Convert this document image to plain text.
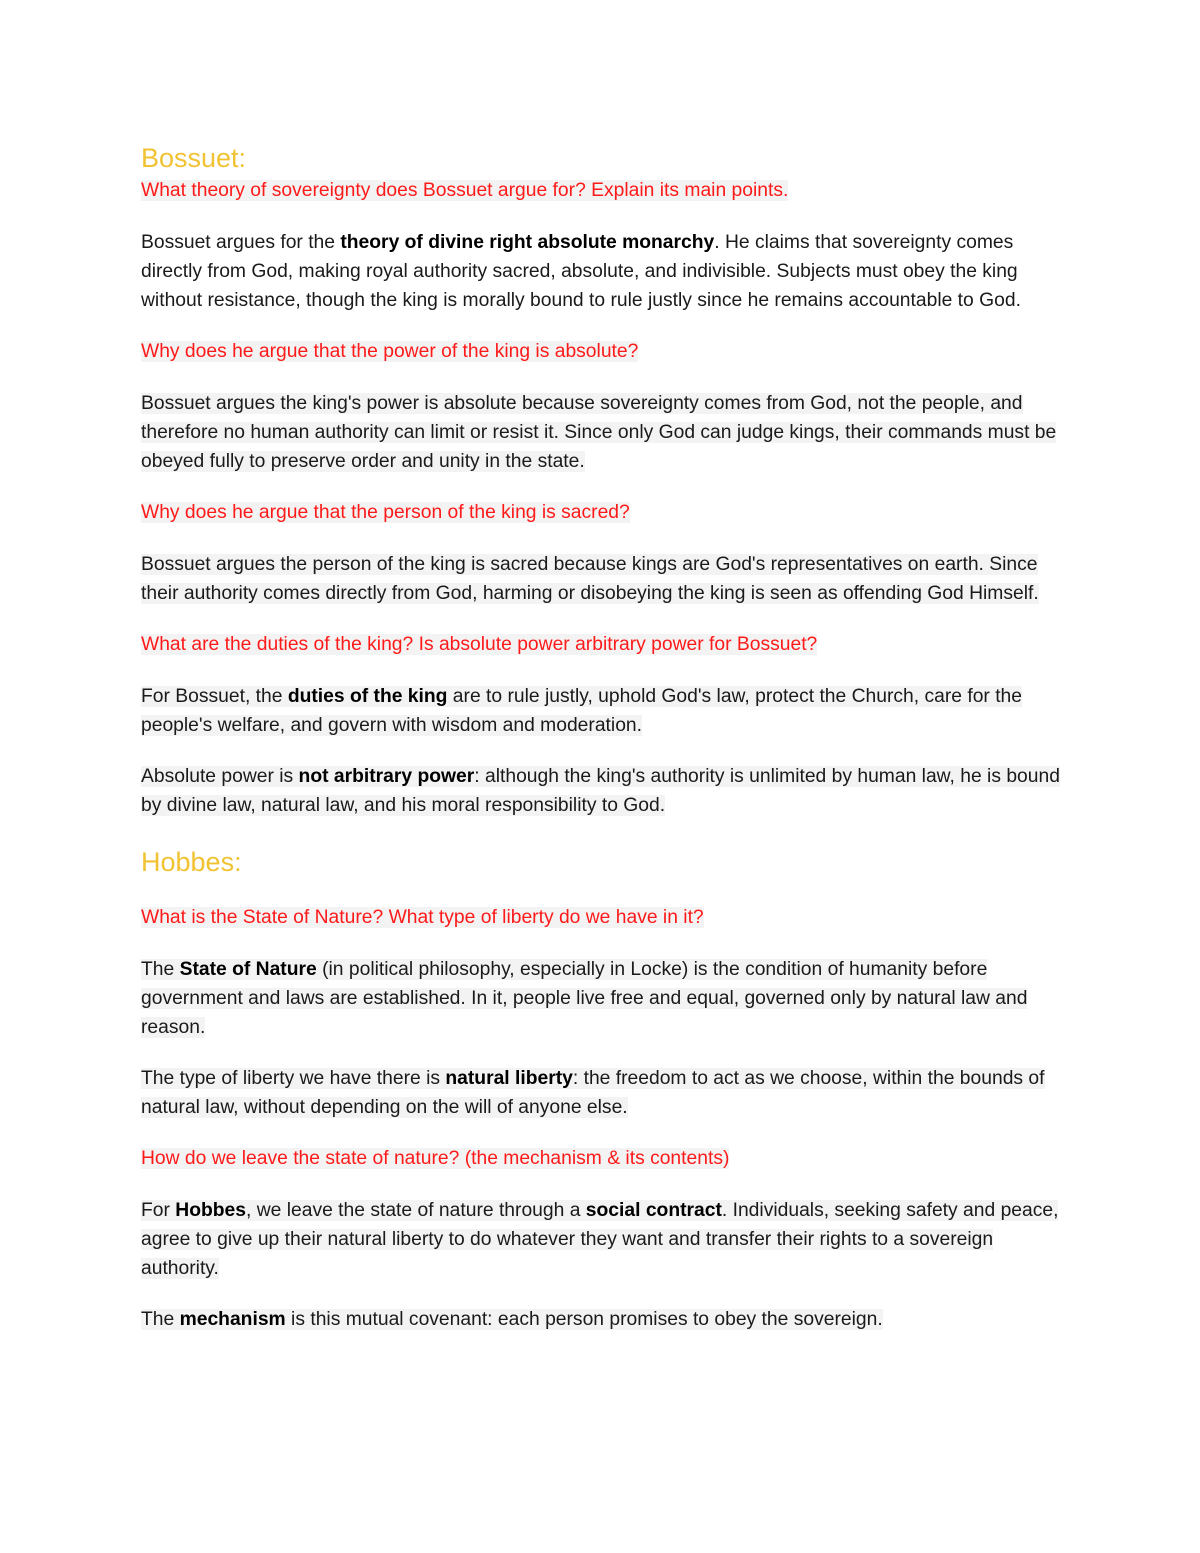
Bossuet:

What theory of sovereignty does Bossuet argue for? Explain its main points.

Bossuet argues for the theory of divine right absolute monarchy. He claims that sovereignty comes directly from God, making royal authority sacred, absolute, and indivisible. Subjects must obey the king without resistance, though the king is morally bound to rule justly since he remains accountable to God.

Why does he argue that the power of the king is absolute?

Bossuet argues the king's power is absolute because sovereignty comes from God, not the people, and therefore no human authority can limit or resist it. Since only God can judge kings, their commands must be obeyed fully to preserve order and unity in the state.

Why does he argue that the person of the king is sacred?

Bossuet argues the person of the king is sacred because kings are God's representatives on earth. Since their authority comes directly from God, harming or disobeying the king is seen as offending God Himself.

What are the duties of the king? Is absolute power arbitrary power for Bossuet?

For Bossuet, the duties of the king are to rule justly, uphold God's law, protect the Church, care for the people's welfare, and govern with wisdom and moderation.

Absolute power is not arbitrary power: although the king's authority is unlimited by human law, he is bound by divine law, natural law, and his moral responsibility to God.

Hobbes:

What is the State of Nature? What type of liberty do we have in it?

The State of Nature (in political philosophy, especially in Locke) is the condition of humanity before government and laws are established. In it, people live free and equal, governed only by natural law and reason.

The type of liberty we have there is natural liberty: the freedom to act as we choose, within the bounds of natural law, without depending on the will of anyone else.

How do we leave the state of nature? (the mechanism & its contents)

For Hobbes, we leave the state of nature through a social contract. Individuals, seeking safety and peace, agree to give up their natural liberty to do whatever they want and transfer their rights to a sovereign authority.

The mechanism is this mutual covenant: each person promises to obey the sovereign.
